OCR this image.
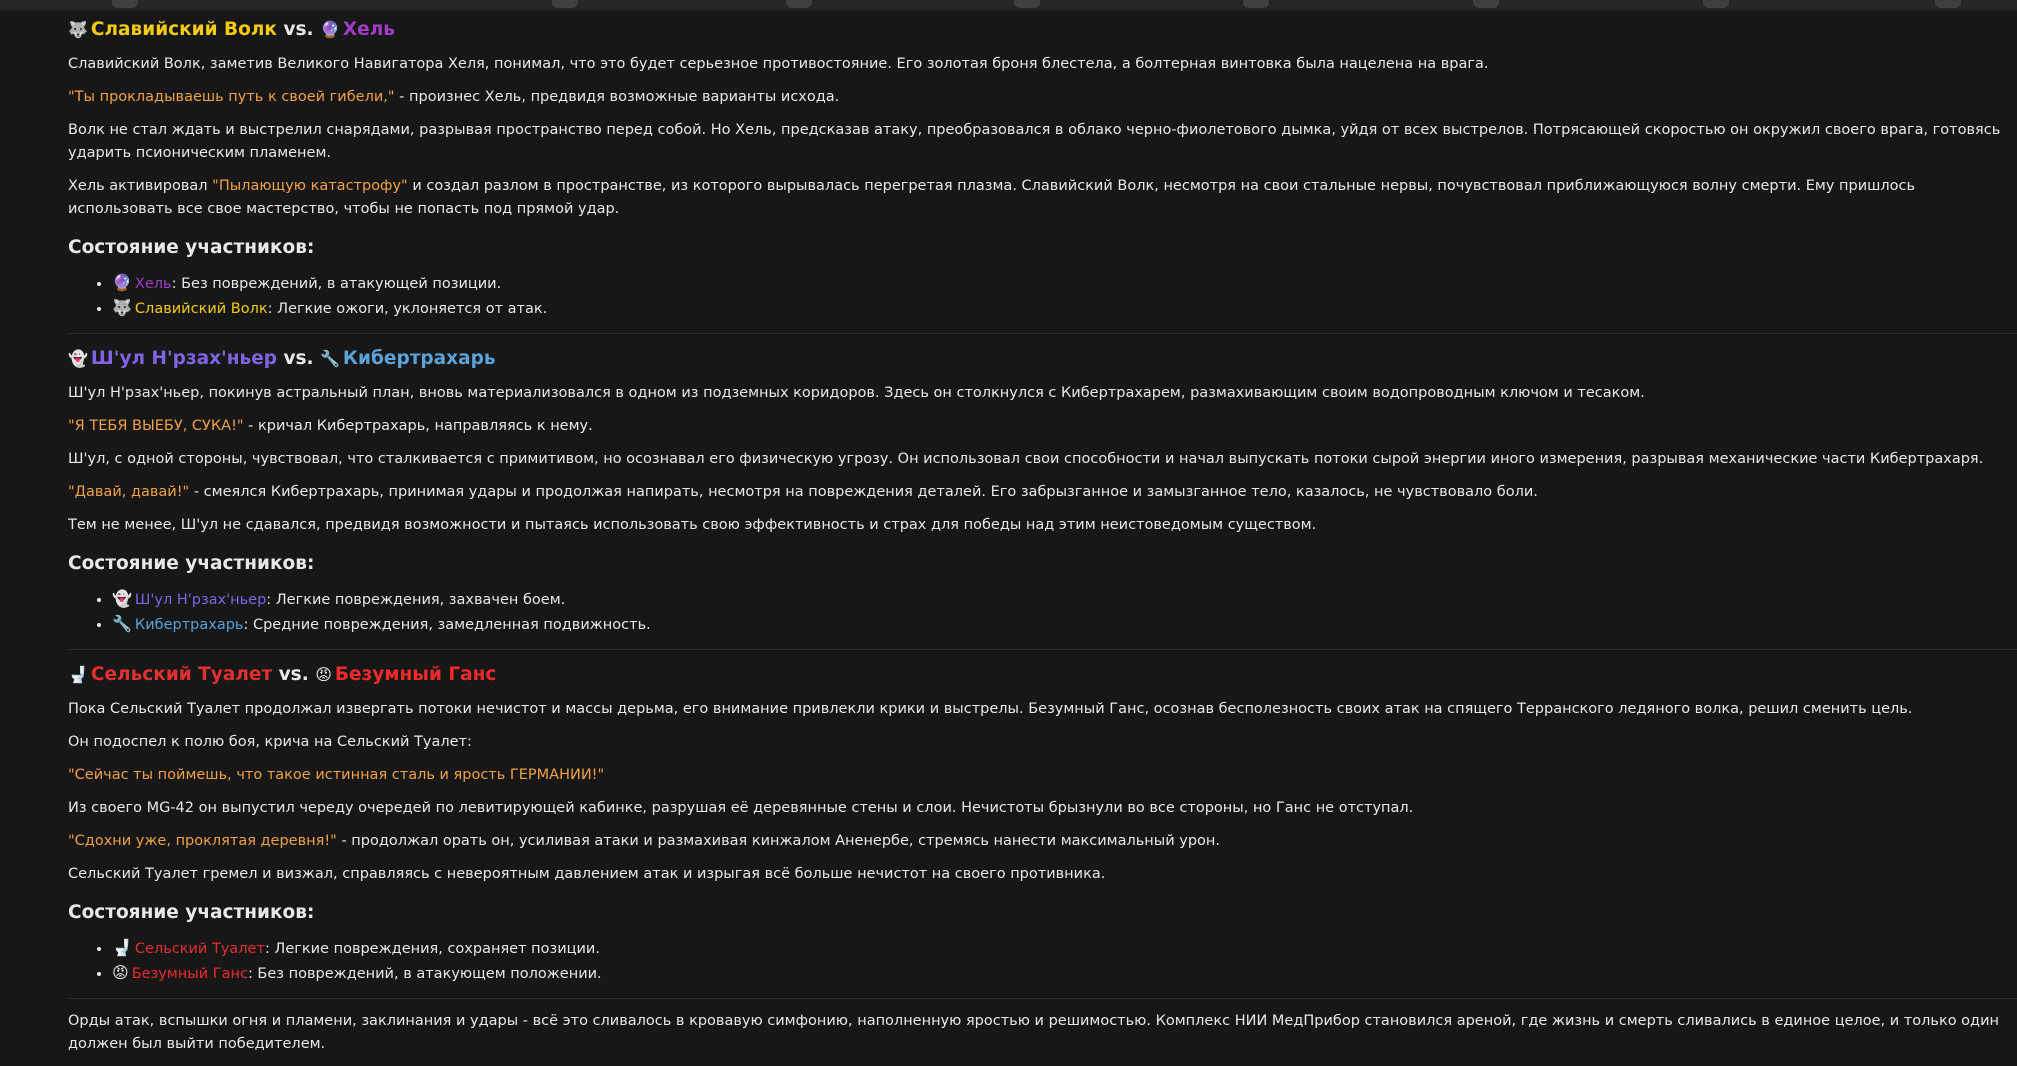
🐺 Славийский Волк vs. 🔮 Хель

Славийский Волк, заметив Великого Навигатора Хеля, понимал, что это будет серьезное противостояние. Его золотая броня блестела, а болтерная винтовка была нацелена на врага.

"Ты прокладываешь путь к своей гибели," - произнес Хель, предвидя возможные варианты исхода.

Волк не стал ждать и выстрелил снарядами, разрывая пространство перед собой. Но Хель, предсказав атаку, преобразовался в облако черно-фиолетового дымка, уйдя от всех выстрелов. Потрясающей скоростью он окружил своего врага, готовясь ударить псионическим пламенем.

Хель активировал "Пылающую катастрофу" и создал разлом в пространстве, из которого вырывалась перегретая плазма. Славийский Волк, несмотря на свои стальные нервы, почувствовал приближающуюся волну смерти. Ему пришлось использовать все свое мастерство, чтобы не попасть под прямой удар.

Состояние участников:
• 🔮 Хель: Без повреждений, в атакующей позиции.
• 🐺 Славийский Волк: Легкие ожоги, уклоняется от атак.
👻 Ш'ул Н'рзах'ньер vs. 🔧 Кибертрахарь

Ш'ул Н'рзах'ньер, покинув астральный план, вновь материализовался в одном из подземных коридоров. Здесь он столкнулся с Кибертрахарем, размахивающим своим водопроводным ключом и тесаком.

"Я ТЕБЯ ВЫЕБУ, СУКА!" - кричал Кибертрахарь, направляясь к нему.

Ш'ул, с одной стороны, чувствовал, что сталкивается с примитивом, но осознавал его физическую угрозу. Он использовал свои способности и начал выпускать потоки сырой энергии иного измерения, разрывая механические части Кибертрахаря.

"Давай, давай!" - смеялся Кибертрахарь, принимая удары и продолжая напирать, несмотря на повреждения деталей. Его забрызганное и замызганное тело, казалось, не чувствовало боли.

Тем не менее, Ш'ул не сдавался, предвидя возможности и пытаясь использовать свою эффективность и страх для победы над этим неистоведомым существом.

Состояние участников:
• 👻 Ш'ул Н'рзах'ньер: Легкие повреждения, захвачен боем.
• 🔧 Кибертрахарь: Средние повреждения, замедленная подвижность.
🚽 Сельский Туалет vs. 😡 Безумный Ганс

Пока Сельский Туалет продолжал извергать потоки нечистот и массы дерьма, его внимание привлекли крики и выстрелы. Безумный Ганс, осознав бесполезность своих атак на спящего Терранского ледяного волка, решил сменить цель.

Он подоспел к полю боя, крича на Сельский Туалет:

"Сейчас ты поймешь, что такое истинная сталь и ярость ГЕРМАНИИ!"

Из своего MG-42 он выпустил череду очередей по левитирующей кабинке, разрушая её деревянные стены и слои. Нечистоты брызнули во все стороны, но Ганс не отступал.

"Сдохни уже, проклятая деревня!" - продолжал орать он, усиливая атаки и размахивая кинжалом Аненербе, стремясь нанести максимальный урон.

Сельский Туалет гремел и визжал, справляясь с невероятным давлением атак и изрыгая всё больше нечистот на своего противника.

Состояние участников:
• 🚽 Сельский Туалет: Легкие повреждения, сохраняет позиции.
• 😡 Безумный Ганс: Без повреждений, в атакующем положении.

Орды атак, вспышки огня и пламени, заклинания и удары - всё это сливалось в кровавую симфонию, наполненную яростью и решимостью. Комплекс НИИ МедПрибор становился ареной, где жизнь и смерть сливались в единое целое, и только один должен был выйти победителем.
